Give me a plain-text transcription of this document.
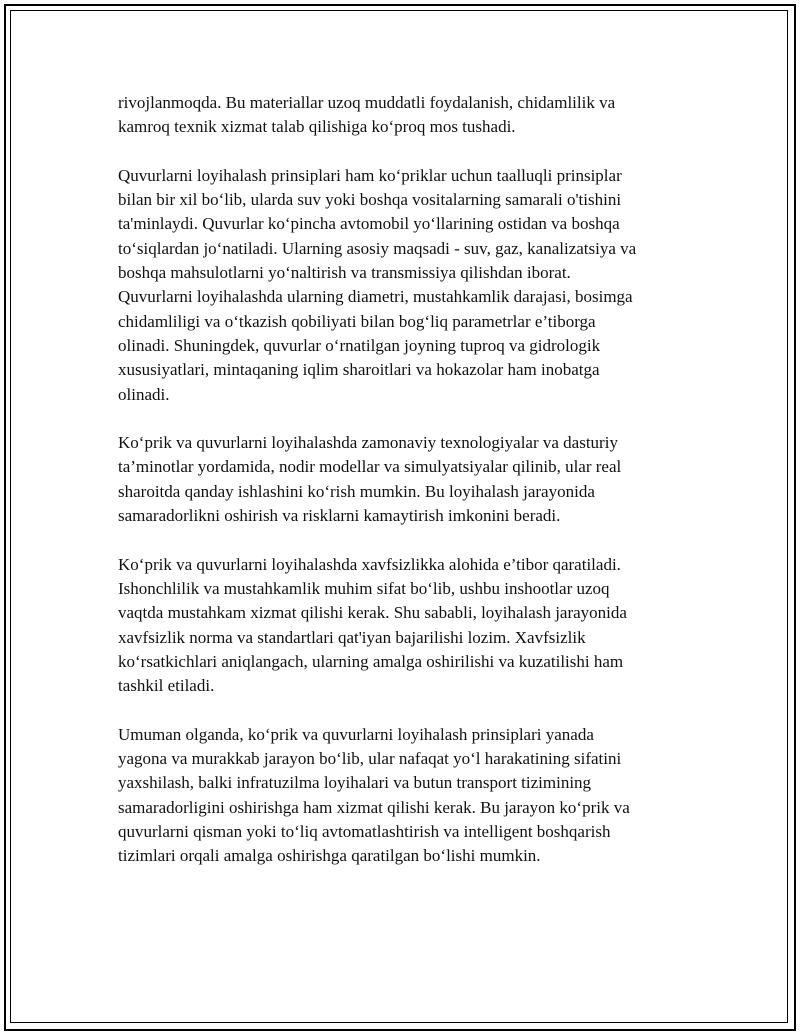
rivojlanmoqda. Bu materiallar uzoq muddatli foydalanish, chidamlilik va
kamroq texnik xizmat talab qilishiga ko‘proq mos tushadi.
Quvurlarni loyihalash prinsiplari ham ko‘priklar uchun taalluqli prinsiplar
bilan bir xil bo‘lib, ularda suv yoki boshqa vositalarning samarali o'tishini
ta'minlaydi. Quvurlar ko‘pincha avtomobil yo‘llarining ostidan va boshqa
to‘siqlardan jo‘natiladi. Ularning asosiy maqsadi - suv, gaz, kanalizatsiya va
boshqa mahsulotlarni yo‘naltirish va transmissiya qilishdan iborat.
Quvurlarni loyihalashda ularning diametri, mustahkamlik darajasi, bosimga
chidamliligi va o‘tkazish qobiliyati bilan bog‘liq parametrlar e’tiborga
olinadi. Shuningdek, quvurlar o‘rnatilgan joyning tuproq va gidrologik
xususiyatlari, mintaqaning iqlim sharoitlari va hokazolar ham inobatga
olinadi.
Ko‘prik va quvurlarni loyihalashda zamonaviy texnologiyalar va dasturiy
ta’minotlar yordamida, nodir modellar va simulyatsiyalar qilinib, ular real
sharoitda qanday ishlashini ko‘rish mumkin. Bu loyihalash jarayonida
samaradorlikni oshirish va risklarni kamaytirish imkonini beradi.
Ko‘prik va quvurlarni loyihalashda xavfsizlikka alohida e’tibor qaratiladi.
Ishonchlilik va mustahkamlik muhim sifat bo‘lib, ushbu inshootlar uzoq
vaqtda mustahkam xizmat qilishi kerak. Shu sababli, loyihalash jarayonida
xavfsizlik norma va standartlari qat'iyan bajarilishi lozim. Xavfsizlik
ko‘rsatkichlari aniqlangach, ularning amalga oshirilishi va kuzatilishi ham
tashkil etiladi.
Umuman olganda, ko‘prik va quvurlarni loyihalash prinsiplari yanada
yagona va murakkab jarayon bo‘lib, ular nafaqat yo‘l harakatining sifatini
yaxshilash, balki infratuzilma loyihalari va butun transport tizimining
samaradorligini oshirishga ham xizmat qilishi kerak. Bu jarayon ko‘prik va
quvurlarni qisman yoki to‘liq avtomatlashtirish va intelligent boshqarish
tizimlari orqali amalga oshirishga qaratilgan bo‘lishi mumkin.
